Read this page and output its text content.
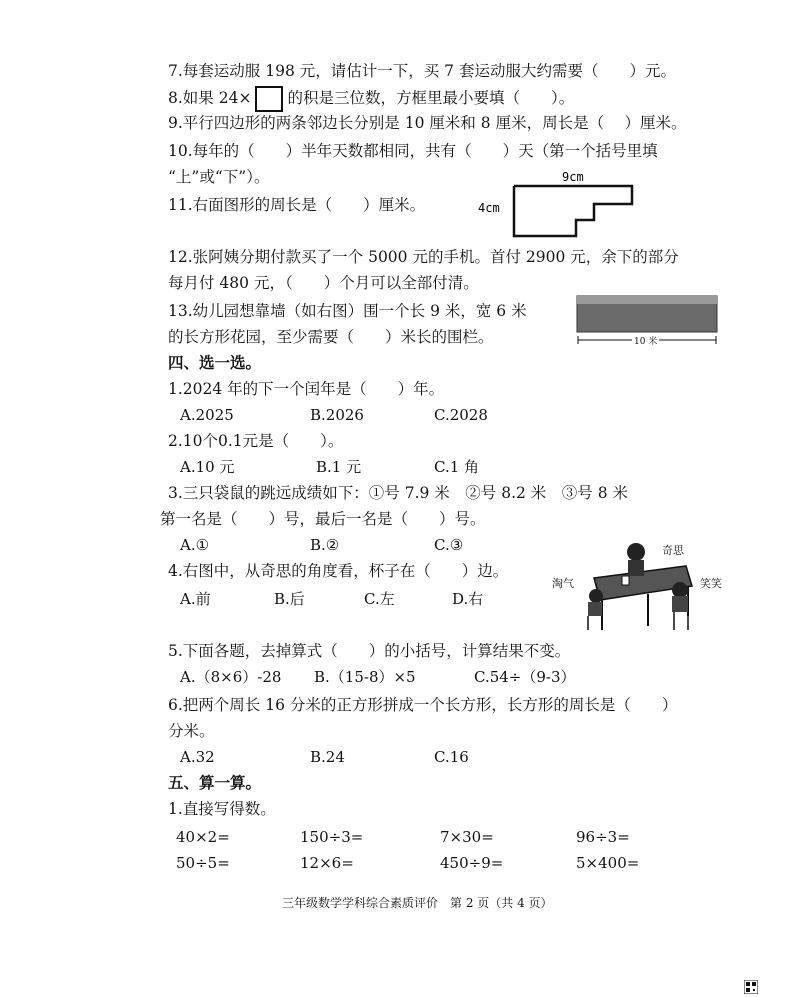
7.每套运动服 198 元，请估计一下，买 7 套运动服大约需要（　　）元。
8.如果 24× 的积是三位数，方框里最小要填（　　）。
9.平行四边形的两条邻边长分别是 10 厘米和 8 厘米，周长是（　 ）厘米。
10.每年的（　　）半年天数都相同，共有（　　）天（第一个括号里填
“上”或“下”）。
11.右面图形的周长是（　　）厘米。
9cm
4cm
12.张阿姨分期付款买了一个 5000 元的手机。首付 2900 元，余下的部分
每月付 480 元，（　　）个月可以全部付清。
13.幼儿园想靠墙（如右图）围一个长 9 米，宽 6 米
的长方形花园，至少需要（　　）米长的围栏。	10 米
四、选一选。
1.2024 年的下一个闰年是（　　）年。
A.2025	B.2026	C.2028
2.10个0.1元是（　　）。
A.10 元	B.1 元	C.1 角
3.三只袋鼠的跳远成绩如下：①号 7.9 米　②号 8.2 米　③号 8 米
第一名是（　　）号，最后一名是（　　）号。
A.①	B.②	C.③
4.右图中，从奇思的角度看，杯子在（　　）边。
A.前	B.后	C.左	D.右
奇思
淘气	笑笑
5.下面各题，去掉算式（　　）的小括号，计算结果不变。
A.（8×6）-28 B.（15-8）×5	C.54÷（9-3）
6.把两个周长 16 分米的正方形拼成一个长方形，长方形的周长是（　　）
分米。
A.32	B.24	C.16
五、算一算。
1.直接写得数。
40×2=	150÷3=	7×30=	96÷3=
50÷5=	12×6=	450÷9=	5×400=
三年级数学学科综合素质评价　第 2 页（共 4 页）
